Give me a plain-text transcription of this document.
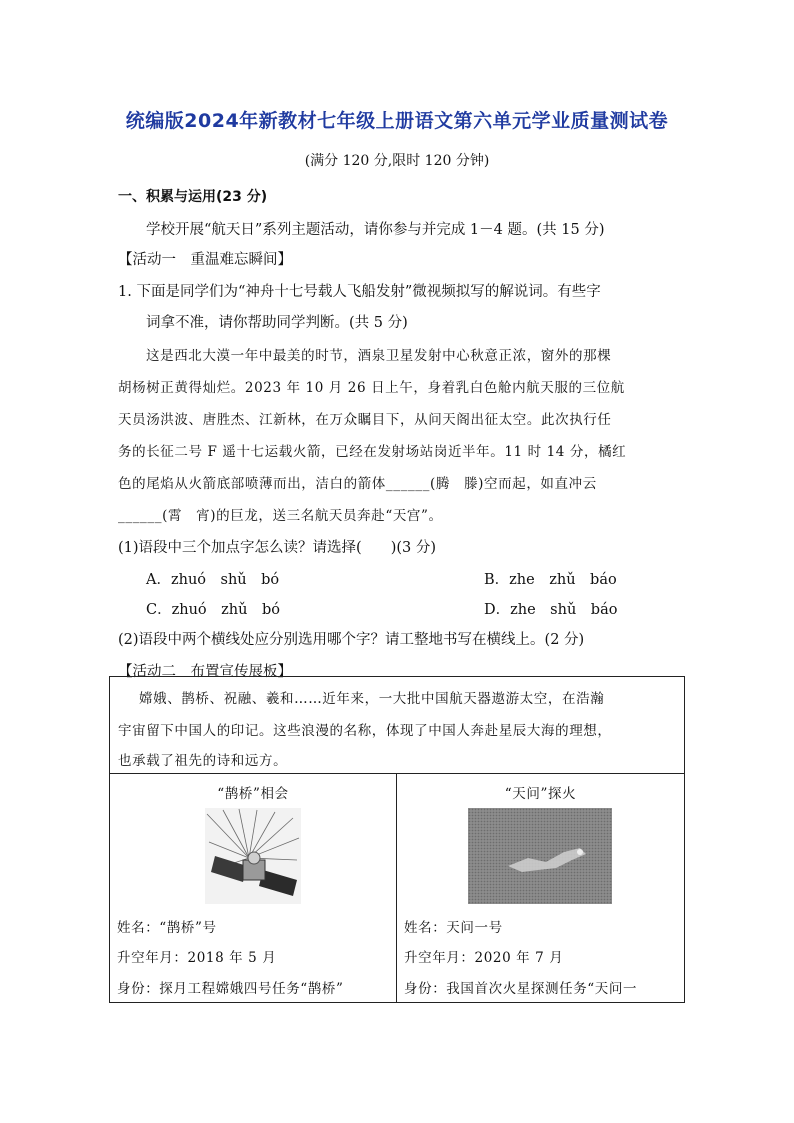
统编版2024年新教材七年级上册语文第六单元学业质量测试卷
(满分 120 分,限时 120 分钟)
一、积累与运用(23 分)
学校开展“航天日”系列主题活动，请你参与并完成 1－4 题。(共 15 分)
【活动一　重温难忘瞬间】
1. 下面是同学们为“神舟十七号载人飞船发射”微视频拟写的解说词。有些字
词拿不准，请你帮助同学判断。(共 5 分)
这是西北大漠一年中最美的时节，酒泉卫星发射中心秋意正浓，窗外的那棵
胡杨树正黄得灿烂。2023 年 10 月 26 日上午，身着乳白色舱内航天服的三位航
天员汤洪波、唐胜杰、江新林，在万众瞩目下，从问天阁出征太空。此次执行任
务的长征二号 F 遥十七运载火箭，已经在发射场站岗近半年。11 时 14 分，橘红
色的尾焰从火箭底部喷薄而出，洁白的箭体______(腾　滕)空而起，如直冲云
______(霄　宵)的巨龙，送三名航天员奔赴“天宫”。
(1)语段中三个加点字怎么读？请选择(　　)(3 分)
A．zhuó　shǔ　bó	B．zhe　zhǔ　báo
C．zhuó　zhǔ　bó	D．zhe　shǔ　báo
(2)语段中两个横线处应分别选用哪个字？请工整地书写在横线上。(2 分)
【活动二　布置宣传展板】
嫦娥、鹊桥、祝融、羲和……近年来，一大批中国航天器遨游太空，在浩瀚
宇宙留下中国人的印记。这些浪漫的名称，体现了中国人奔赴星辰大海的理想，
也承载了祖先的诗和远方。
“鹊桥”相会
姓名：“鹊桥”号
升空年月：2018 年 5 月
身份：探月工程嫦娥四号任务“鹊桥”
“天问”探火
姓名：天问一号
升空年月：2020 年 7 月
身份：我国首次火星探测任务“天问一
